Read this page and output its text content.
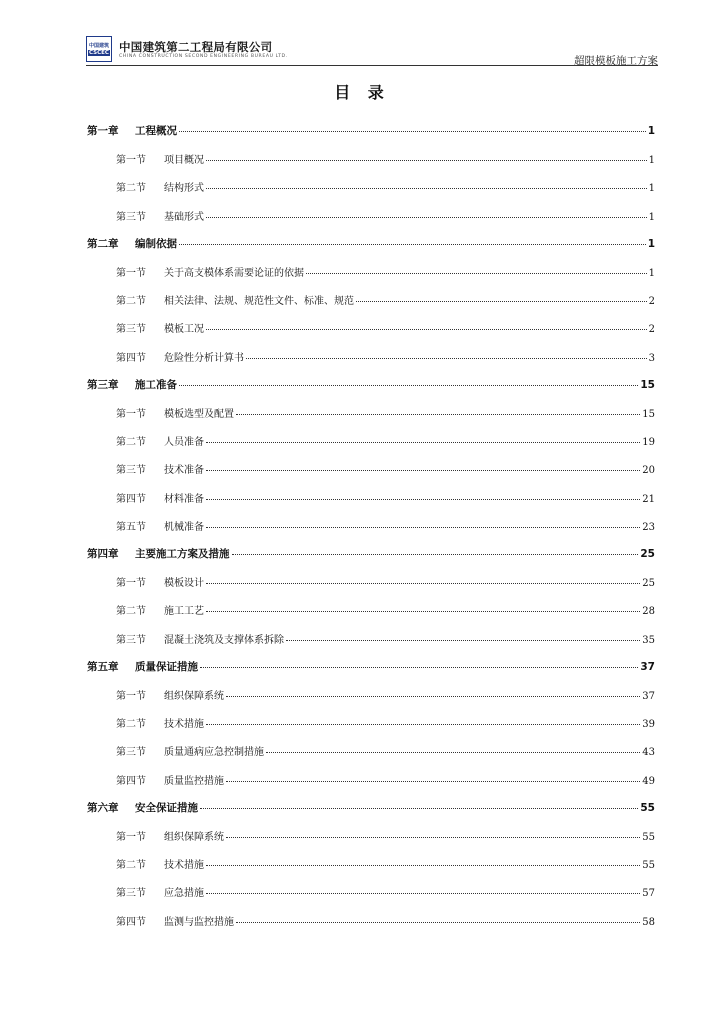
中国建筑
CSCEC 中国建筑第二工程局有限公司
CHINA CONSTRUCTION SECOND ENGINEERING BUREAU LTD.	超限模板施工方案
目 录
第一章	工程概况	1
第一节	项目概况	1
第二节	结构形式	1
第三节	基础形式	1
第二章	编制依据	1
第一节	关于高支模体系需要论证的依据	1
第二节	相关法律、法规、规范性文件、标准、规范	2
第三节	模板工况	2
第四节	危险性分析计算书	3
第三章	施工准备	15
第一节	模板选型及配置	15
第二节	人员准备	19
第三节	技术准备	20
第四节	材料准备	21
第五节	机械准备	23
第四章	主要施工方案及措施	25
第一节	模板设计	25
第二节	施工工艺	28
第三节	混凝土浇筑及支撑体系拆除	35
第五章	质量保证措施	37
第一节	组织保障系统	37
第二节	技术措施	39
第三节	质量通病应急控制措施	43
第四节	质量监控措施	49
第六章	安全保证措施	55
第一节	组织保障系统	55
第二节	技术措施	55
第三节	应急措施	57
第四节	监测与监控措施	58
